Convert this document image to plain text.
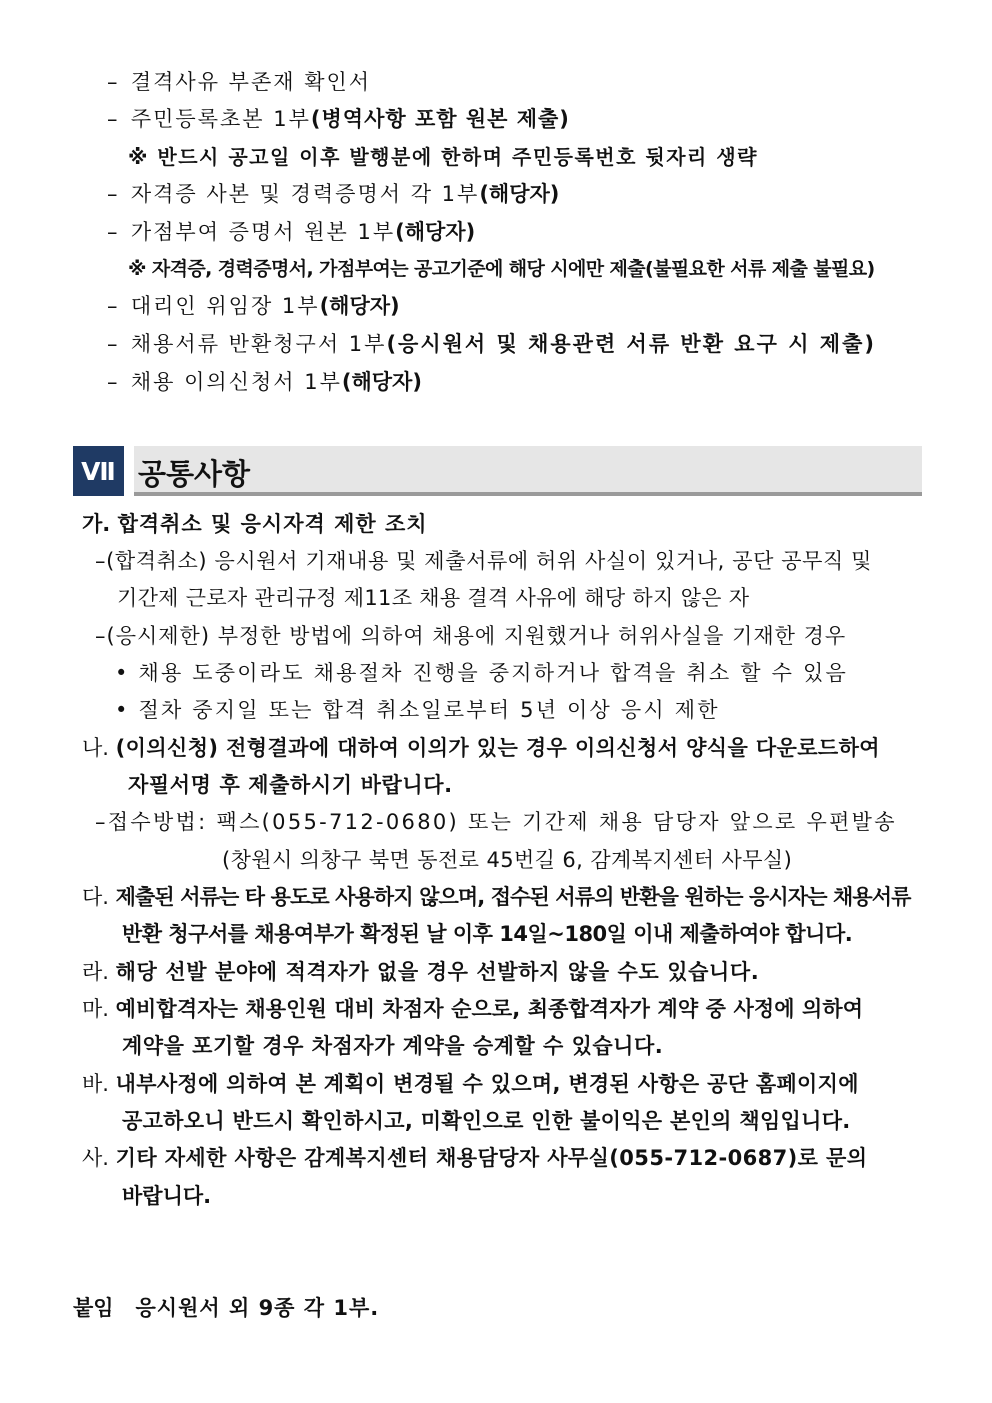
– 결격사유 부존재 확인서
– 주민등록초본 1부(병역사항 포함 원본 제출)
※ 반드시 공고일 이후 발행분에 한하며 주민등록번호 뒷자리 생략
– 자격증 사본 및 경력증명서 각 1부(해당자)
– 가점부여 증명서 원본 1부(해당자)
※ 자격증, 경력증명서, 가점부여는 공고기준에 해당 시에만 제출(불필요한 서류 제출 불필요)
– 대리인 위임장 1부(해당자)
– 채용서류 반환청구서 1부(응시원서 및 채용관련 서류 반환 요구 시 제출)
– 채용 이의신청서 1부(해당자)
Ⅶ 공통사항
가. 합격취소 및 응시자격 제한 조치
–(합격취소) 응시원서 기재내용 및 제출서류에 허위 사실이 있거나, 공단 공무직 및
기간제 근로자 관리규정 제11조 채용 결격 사유에 해당 하지 않은 자
–(응시제한) 부정한 방법에 의하여 채용에 지원했거나 허위사실을 기재한 경우
• 채용 도중이라도 채용절차 진행을 중지하거나 합격을 취소 할 수 있음
• 절차 중지일 또는 합격 취소일로부터 5년 이상 응시 제한
나. (이의신청) 전형결과에 대하여 이의가 있는 경우 이의신청서 양식을 다운로드하여
자필서명 후 제출하시기 바랍니다.
–접수방법: 팩스(055-712-0680) 또는 기간제 채용 담당자 앞으로 우편발송
(창원시 의창구 북면 동전로 45번길 6, 감계복지센터 사무실)
다. 제출된 서류는 타 용도로 사용하지 않으며, 접수된 서류의 반환을 원하는 응시자는 채용서류
반환 청구서를 채용여부가 확정된 날 이후 14일~180일 이내 제출하여야 합니다.
라. 해당 선발 분야에 적격자가 없을 경우 선발하지 않을 수도 있습니다.
마. 예비합격자는 채용인원 대비 차점자 순으로, 최종합격자가 계약 중 사정에 의하여
계약을 포기할 경우 차점자가 계약을 승계할 수 있습니다.
바. 내부사정에 의하여 본 계획이 변경될 수 있으며, 변경된 사항은 공단 홈페이지에
공고하오니 반드시 확인하시고, 미확인으로 인한 불이익은 본인의 책임입니다.
사. 기타 자세한 사항은 감계복지센터 채용담당자 사무실(055-712-0687)로 문의
바랍니다.
붙임 응시원서 외 9종 각 1부.
